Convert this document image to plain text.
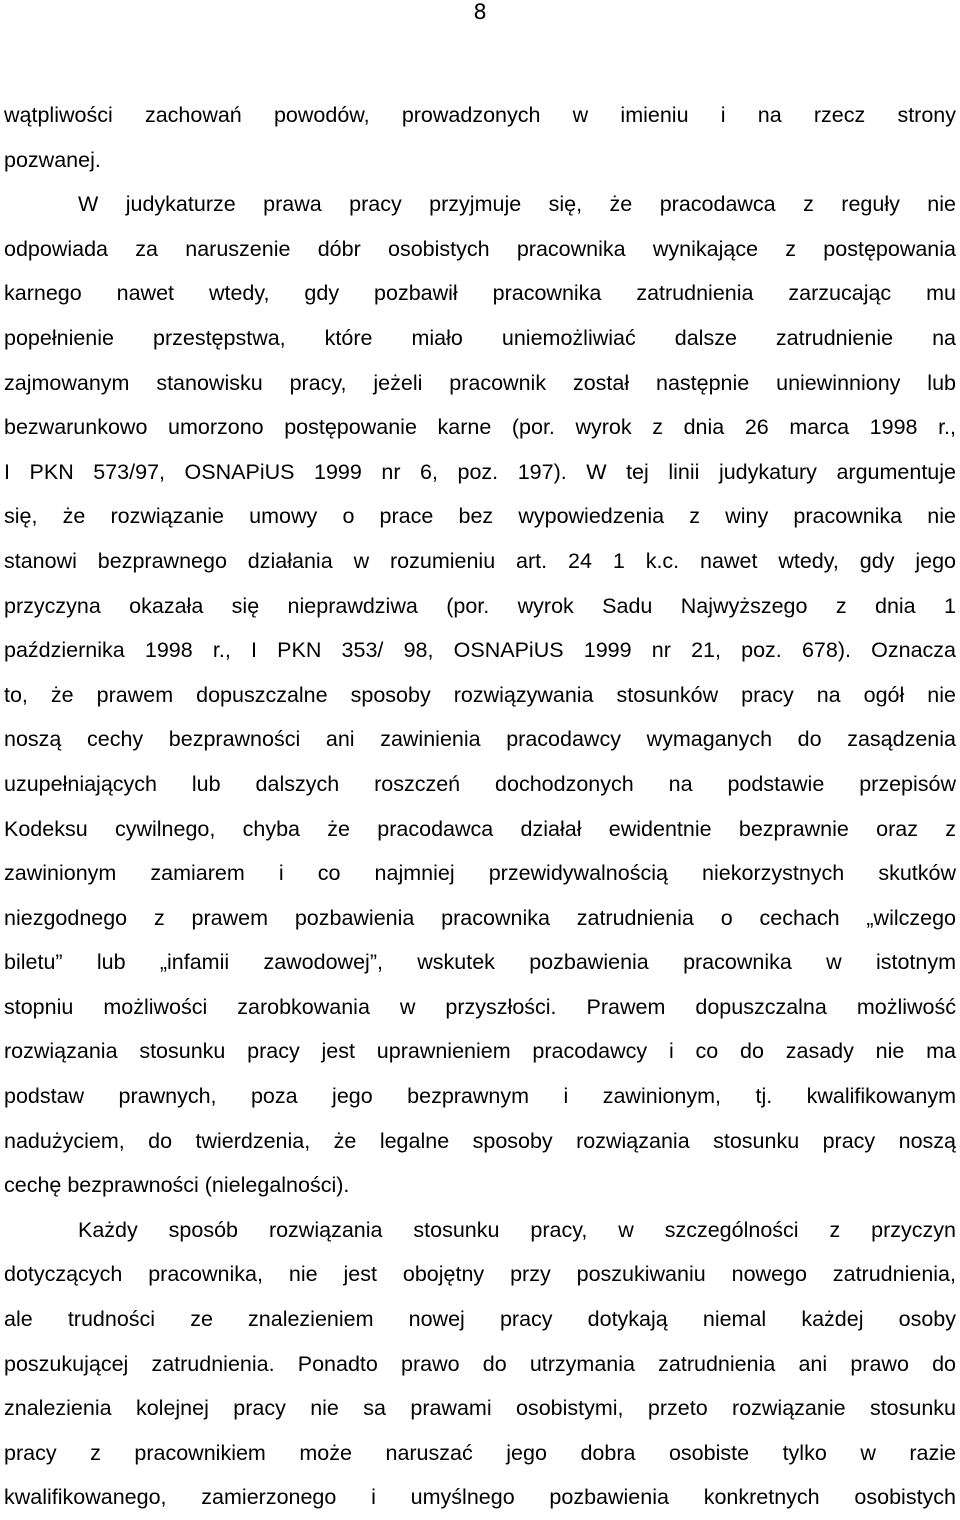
8
wątpliwości zachowań powodów, prowadzonych w imieniu i na rzecz strony
pozwanej.
W judykaturze prawa pracy przyjmuje się, że pracodawca z reguły nie
odpowiada za naruszenie dóbr osobistych pracownika wynikające z postępowania
karnego nawet wtedy, gdy pozbawił pracownika zatrudnienia zarzucając mu
popełnienie przestępstwa, które miało uniemożliwiać dalsze zatrudnienie na
zajmowanym stanowisku pracy, jeżeli pracownik został następnie uniewinniony lub
bezwarunkowo umorzono postępowanie karne (por. wyrok z dnia 26 marca 1998 r.,
I PKN 573/97, OSNAPiUS 1999 nr 6, poz. 197). W tej linii judykatury argumentuje
się, że rozwiązanie umowy o prace bez wypowiedzenia z winy pracownika nie
stanowi bezprawnego działania w rozumieniu art. 24 1 k.c. nawet wtedy, gdy jego
przyczyna okazała się nieprawdziwa (por. wyrok Sadu Najwyższego z dnia 1
października 1998 r., I PKN 353/ 98, OSNAPiUS 1999 nr 21, poz. 678). Oznacza
to, że prawem dopuszczalne sposoby rozwiązywania stosunków pracy na ogół nie
noszą cechy bezprawności ani zawinienia pracodawcy wymaganych do zasądzenia
uzupełniających lub dalszych roszczeń dochodzonych na podstawie przepisów
Kodeksu cywilnego, chyba że pracodawca działał ewidentnie bezprawnie oraz z
zawinionym zamiarem i co najmniej przewidywalnością niekorzystnych skutków
niezgodnego z prawem pozbawienia pracownika zatrudnienia o cechach „wilczego
biletu” lub „infamii zawodowej”, wskutek pozbawienia pracownika w istotnym
stopniu możliwości zarobkowania w przyszłości. Prawem dopuszczalna możliwość
rozwiązania stosunku pracy jest uprawnieniem pracodawcy i co do zasady nie ma
podstaw prawnych, poza jego bezprawnym i zawinionym, tj. kwalifikowanym
nadużyciem, do twierdzenia, że legalne sposoby rozwiązania stosunku pracy noszą
cechę bezprawności (nielegalności).
Każdy sposób rozwiązania stosunku pracy, w szczególności z przyczyn
dotyczących pracownika, nie jest obojętny przy poszukiwaniu nowego zatrudnienia,
ale trudności ze znalezieniem nowej pracy dotykają niemal każdej osoby
poszukującej zatrudnienia. Ponadto prawo do utrzymania zatrudnienia ani prawo do
znalezienia kolejnej pracy nie sa prawami osobistymi, przeto rozwiązanie stosunku
pracy z pracownikiem może naruszać jego dobra osobiste tylko w razie
kwalifikowanego, zamierzonego i umyślnego pozbawienia konkretnych osobistych
